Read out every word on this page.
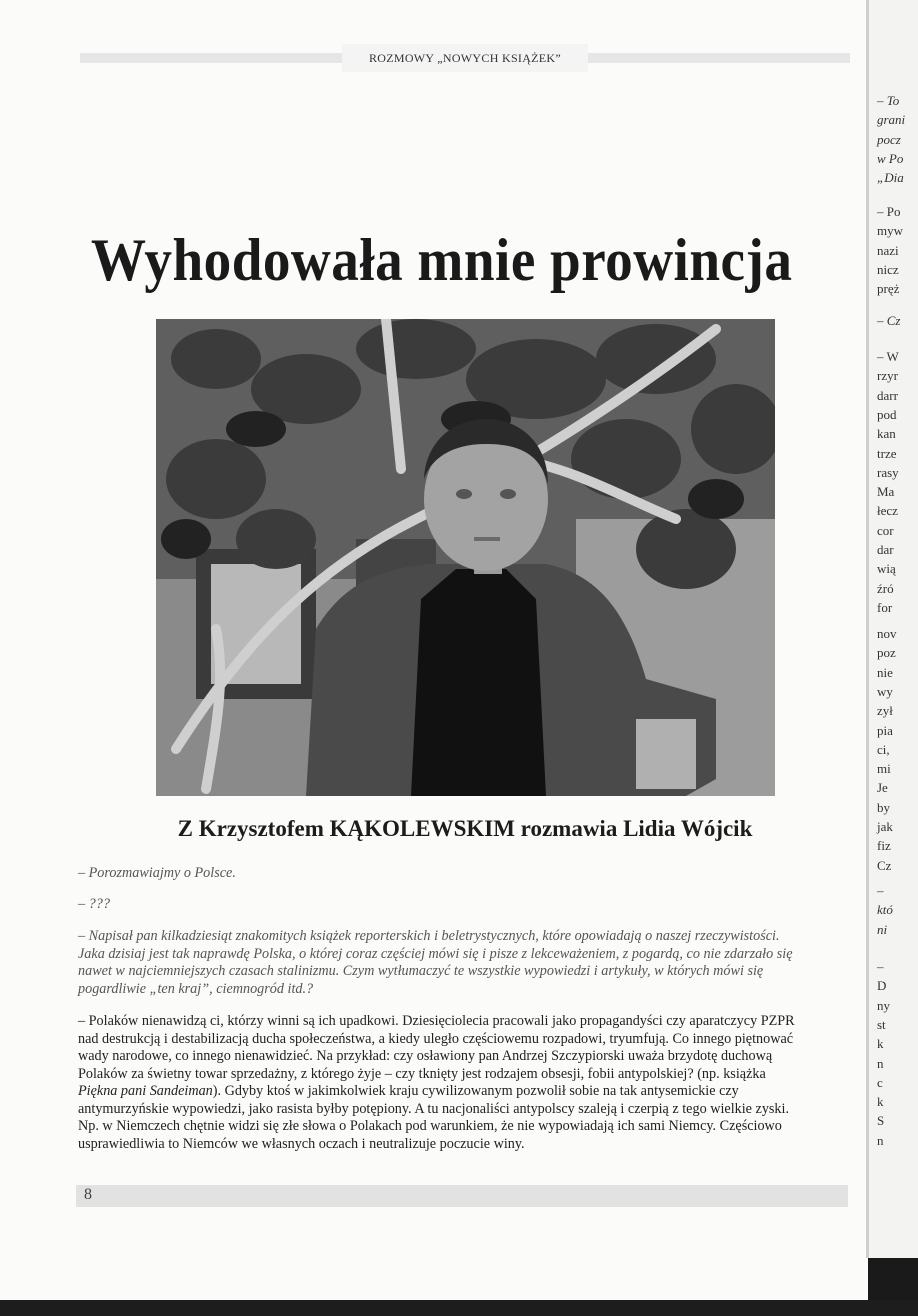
ROZMOWY „NOWYCH KSIĄŻEK”
Wyhodowała mnie prowincja
Z Krzysztofem KĄKOLEWSKIM rozmawia Lidia Wójcik
– Porozmawiajmy o Polsce.
– ???
– Napisał pan kilkadziesiąt znakomitych książek reporterskich i beletrystycznych, które opowiadają o naszej rzeczywistości.
Jaka dzisiaj jest tak naprawdę Polska, o której coraz częściej mówi się i pisze z lekceważeniem, z pogardą, co nie zdarzało się
nawet w najciemniejszych czasach stalinizmu. Czym wytłumaczyć te wszystkie wypowiedzi i artykuły, w których mówi się
pogardliwie „ten kraj”, ciemnogród itd.?
– Polaków nienawidzą ci, którzy winni są ich upadkowi. Dziesięciolecia pracowali jako propagandyści czy aparatczycy PZPR
nad destrukcją i destabilizacją ducha społeczeństwa, a kiedy uległo częściowemu rozpadowi, tryumfują. Co innego piętnować
wady narodowe, co innego nienawidzieć. Na przykład: czy osławiony pan Andrzej Szczypiorski uważa brzydotę duchową
Polaków za świetny towar sprzedażny, z którego żyje – czy tknięty jest rodzajem obsesji, fobii antypolskiej? (np. książka
Piękna pani Sandeiman). Gdyby ktoś w jakimkolwiek kraju cywilizowanym pozwolił sobie na tak antysemickie czy
antymurzyńskie wypowiedzi, jako rasista byłby potępiony. A tu nacjonaliści antypolscy szaleją i czerpią z tego wielkie zyski.
Np. w Niemczech chętnie widzi się złe słowa o Polakach pod warunkiem, że nie wypowiadają ich sami Niemcy. Częściowo
usprawiedliwia to Niemców we własnych oczach i neutralizuje poczucie winy.
8
– To
grani
pocz
w Po
„Dia
– Po
myw
nazi
nicz
pręż
– Cz
– W
rzyr
darr
pod
kan
trze
rasy
Ma
łecz
cor
dar
wią
źró
for
nov
poz
nie
wy
zył
pia
ci,
mi
Je
by
jak
fiz
Cz
–
któ
ni
–
D
ny
st
k
n
c
k
S
n
